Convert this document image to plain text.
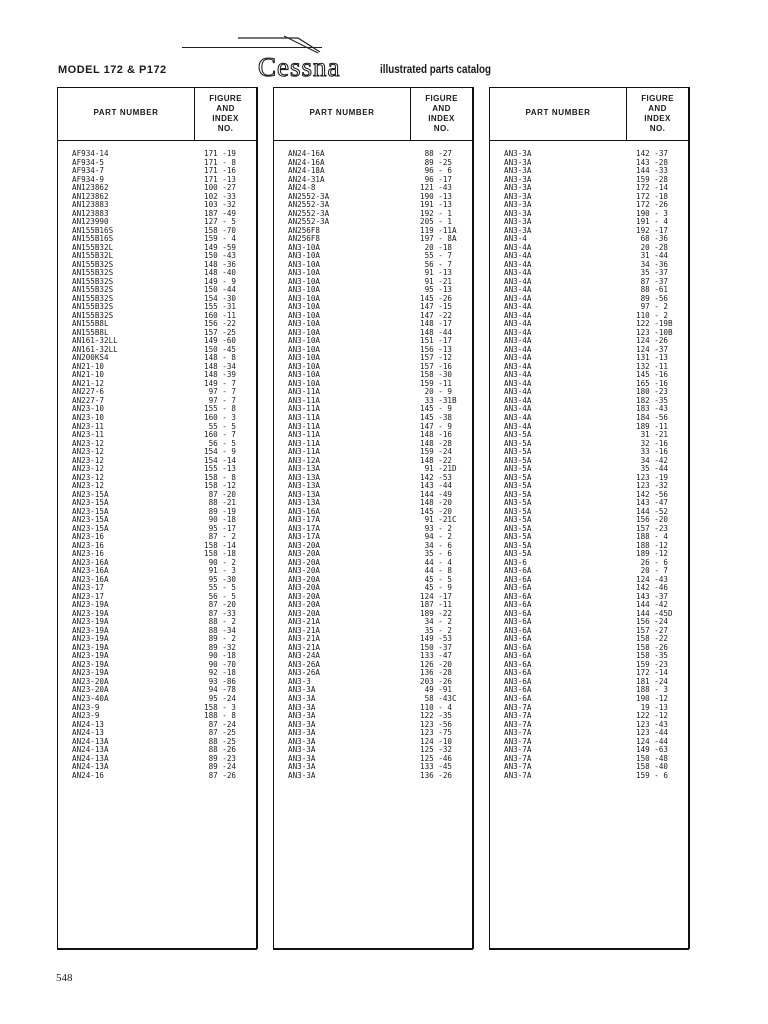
MODEL 172 & P172	Cessna	illustrated parts catalog
PART NUMBER
FIGURE
AND
INDEX
NO.
AF934-14	171 -19
AF934-5	171 - 8
AF934-7	171 -16
AF934-9	171 -13
AN123862	100 -27
AN123862	102 -33
AN123883	103 -32
AN123883	187 -49
AN123990	127 - 5
AN155B16S	158 -70
AN155B16S	159 - 4
AN155B32L	149 -59
AN155B32L	150 -43
AN155B32S	148 -36
AN155B32S	148 -40
AN155B32S	149 - 9
AN155B32S	150 -44
AN155B32S	154 -30
AN155B32S	155 -31
AN155B32S	160 -11
AN155B8L	156 -22
AN155B8L	157 -25
AN161-32LL	149 -60
AN161-32LL	150 -45
AN200KS4	148 - 8
AN21-10	148 -34
AN21-10	148 -39
AN21-12	149 - 7
AN227-6	97 - 7
AN227-7	97 - 7
AN23-10	155 - 8
AN23-10	160 - 3
AN23-11	55 - 5
AN23-11	160 - 7
AN23-12	56 - 5
AN23-12	154 - 9
AN23-12	154 -14
AN23-12	155 -13
AN23-12	158 - 8
AN23-12	158 -12
AN23-15A	87 -20
AN23-15A	88 -21
AN23-15A	89 -19
AN23-15A	90 -18
AN23-15A	95 -17
AN23-16	87 - 2
AN23-16	158 -14
AN23-16	158 -18
AN23-16A	90 - 2
AN23-16A	91 - 3
AN23-16A	95 -30
AN23-17	55 - 5
AN23-17	56 - 5
AN23-19A	87 -20
AN23-19A	87 -33
AN23-19A	88 - 2
AN23-19A	88 -34
AN23-19A	89 - 2
AN23-19A	89 -32
AN23-19A	90 -18
AN23-19A	90 -70
AN23-19A	92 -18
AN23-20A	93 -86
AN23-20A	94 -78
AN23-40A	95 -24
AN23-9	158 - 3
AN23-9	188 - 8
AN24-13	87 -24
AN24-13	87 -25
AN24-13A	88 -25
AN24-13A	88 -26
AN24-13A	89 -23
AN24-13A	89 -24
AN24-16	87 -26
PART NUMBER
FIGURE
AND
INDEX
NO.
AN24-16A	88 -27
AN24-16A	89 -25
AN24-18A	96 - 6
AN24-31A	96 -17
AN24-8	121 -43
AN2552-3A	190 -13
AN2552-3A	191 -13
AN2552-3A	192 - 1
AN2552-3A	205 - 1
AN256F8	119 -11A
AN256F8	197 - 8A
AN3-10A	20 -18
AN3-10A	55 - 7
AN3-10A	56 - 7
AN3-10A	91 -13
AN3-10A	91 -21
AN3-10A	95 -13
AN3-10A	145 -26
AN3-10A	147 -15
AN3-10A	147 -22
AN3-10A	148 -17
AN3-10A	148 -44
AN3-10A	151 -17
AN3-10A	156 -13
AN3-10A	157 -12
AN3-10A	157 -16
AN3-10A	158 -30
AN3-10A	159 -11
AN3-11A	20 - 9
AN3-11A	33 -31B
AN3-11A	145 - 9
AN3-11A	145 -38
AN3-11A	147 - 9
AN3-11A	148 -16
AN3-11A	148 -28
AN3-11A	159 -24
AN3-12A	148 -22
AN3-13A	91 -21D
AN3-13A	142 -53
AN3-13A	143 -44
AN3-13A	144 -49
AN3-13A	148 -20
AN3-16A	145 -20
AN3-17A	91 -21C
AN3-17A	93 - 2
AN3-17A	94 - 2
AN3-20A	34 - 6
AN3-20A	35 - 6
AN3-20A	44 - 4
AN3-20A	44 - 8
AN3-20A	45 - 5
AN3-20A	45 - 9
AN3-20A	124 -17
AN3-20A	187 -11
AN3-20A	189 -22
AN3-21A	34 - 2
AN3-21A	35 - 2
AN3-21A	149 -53
AN3-21A	150 -37
AN3-24A	133 -47
AN3-26A	126 -20
AN3-26A	136 -28
AN3-3	203 -26
AN3-3A	49 -91
AN3-3A	58 -43C
AN3-3A	110 - 4
AN3-3A	122 -35
AN3-3A	123 -56
AN3-3A	123 -75
AN3-3A	124 -10
AN3-3A	125 -32
AN3-3A	125 -46
AN3-3A	133 -45
AN3-3A	136 -26
PART NUMBER
FIGURE
AND
INDEX
NO.
AN3-3A	142 -37
AN3-3A	143 -28
AN3-3A	144 -33
AN3-3A	159 -28
AN3-3A	172 -14
AN3-3A	172 -18
AN3-3A	172 -26
AN3-3A	190 - 3
AN3-3A	191 - 4
AN3-3A	192 -17
AN3-4	68 -36
AN3-4A	20 -28
AN3-4A	31 -44
AN3-4A	34 -36
AN3-4A	35 -37
AN3-4A	87 -37
AN3-4A	88 -61
AN3-4A	89 -56
AN3-4A	97 - 2
AN3-4A	110 - 2
AN3-4A	122 -19B
AN3-4A	123 -10B
AN3-4A	124 -26
AN3-4A	124 -37
AN3-4A	131 -13
AN3-4A	132 -11
AN3-4A	145 -16
AN3-4A	165 -16
AN3-4A	180 -23
AN3-4A	182 -35
AN3-4A	183 -43
AN3-4A	184 -56
AN3-4A	189 -11
AN3-5A	31 -21
AN3-5A	32 -16
AN3-5A	33 -16
AN3-5A	34 -42
AN3-5A	35 -44
AN3-5A	123 -19
AN3-5A	123 -32
AN3-5A	142 -56
AN3-5A	143 -47
AN3-5A	144 -52
AN3-5A	156 -20
AN3-5A	157 -23
AN3-5A	188 - 4
AN3-5A	188 -12
AN3-5A	189 -12
AN3-6	26 - 6
AN3-6A	20 - 7
AN3-6A	124 -43
AN3-6A	142 -46
AN3-6A	143 -37
AN3-6A	144 -42
AN3-6A	144 -45D
AN3-6A	156 -24
AN3-6A	157 -27
AN3-6A	158 -22
AN3-6A	158 -26
AN3-6A	158 -35
AN3-6A	159 -23
AN3-6A	172 -14
AN3-6A	181 -24
AN3-6A	188 - 3
AN3-6A	190 -12
AN3-7A	19 -13
AN3-7A	122 -12
AN3-7A	123 -43
AN3-7A	123 -44
AN3-7A	124 -44
AN3-7A	149 -63
AN3-7A	150 -48
AN3-7A	158 -40
AN3-7A	159 - 6
548
